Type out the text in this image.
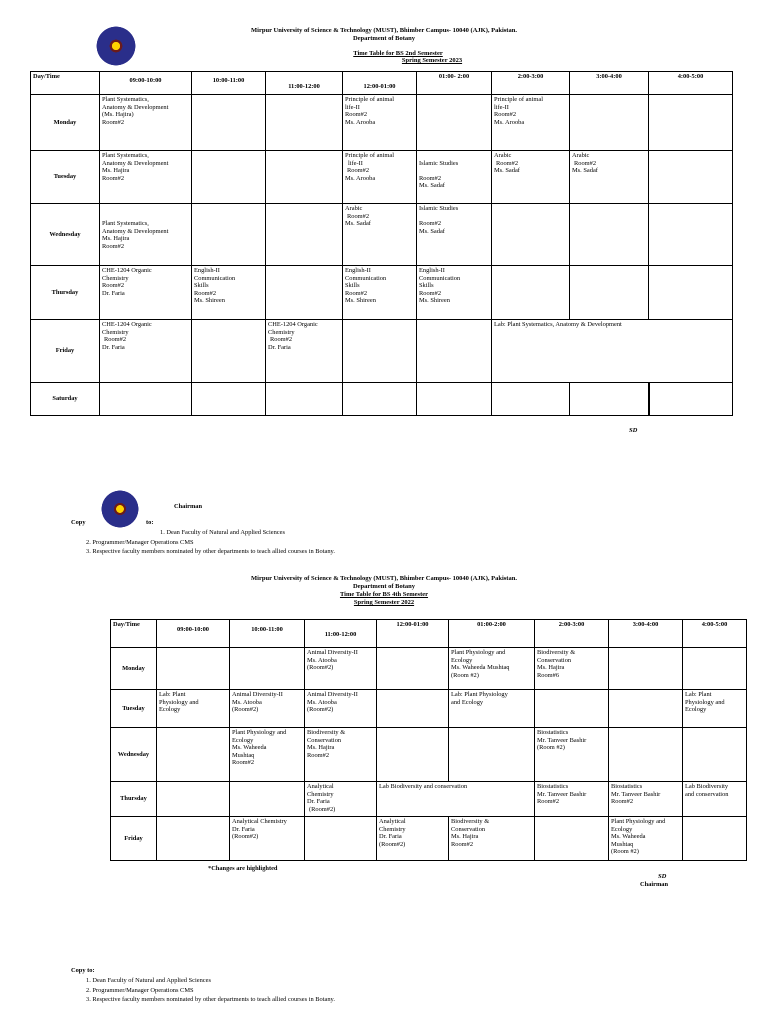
Mirpur University of Science & Technology (MUST), Bhimber Campus- 10040 (AJK), Pakistan.
Department of Botany
Time Table for BS 2nd Semester
Spring Semester 2023
Day/Time	09:00-10:00	10:00-11:00	11:00-12:00	12:00-01:00	01:00- 2:00	2:00-3:00	3:00-4:00	4:00-5:00
Monday	Plant Systematics,
Anatomy & Development
(Ms. Hajira)
Room#2			Principle of animal
life-II
Room#2
Ms. Arooba		Principle of animal
life-II
Room#2
Ms. Arooba		

Tuesday	Plant Systematics,
Anatomy & Development
Ms. Hajira
Room#2			Principle of animal
life-II
Room#2
Ms. Arooba	Islamic Studies

Room#2
Ms. Sadaf	Arabic
Room#2
Ms. Sadaf	Arabic
Room#2
Ms. Sadaf	

Wednesday	Plant Systematics,
Anatomy & Development
Ms. Hajira
Room#2			Arabic
Room#2
Ms. Sadaf	Islamic Studies

Room#2
Ms. Sadaf			

Thursday	CHE-1204 Organic
Chemistry
Room#2
Dr. Faria	English-II
Communication
Skills
Room#2
Ms. Shireen		English-II
Communication
Skills
Room#2
Ms. Shireen	English-II
Communication
Skills
Room#2
Ms. Shireen			

Friday	CHE-1204 Organic
Chemistry
Room#2
Dr. Faria		CHE-1204 Organic
Chemistry
Room#2
Dr. Faria			Lab: Plant Systematics, Anatomy & Development		

Saturday								
SD
Chairman
Copy	to:
1. Dean Faculty of Natural and Applied Sciences
2. Programmer/Manager Operations CMS
3. Respective faculty members nominated by other departments to teach allied courses in Botany.
Mirpur University of Science & Technology (MUST), Bhimber Campus- 10040 (AJK), Pakistan.
Department of Botany
Time Table for BS 4th Semester
Spring Semester 2022
Day/Time	09:00-10:00	10:00-11:00	11:00-12:00	12:00-01:00	01:00-2:00	2:00-3:00	3:00-4:00	4:00-5:00
Monday			Animal Diversity-II
Ms. Atooba
(Room#2)		Plant Physiology and
Ecology
Ms. Waheeda Mushtaq
(Room #2)	Biodiversity &
Conservation
Ms. Hajira
Room#6		

Tuesday	Lab: Plant
Physiology and
Ecology	Animal Diversity-II
Ms. Atooba
(Room#2)	Animal Diversity-II
Ms. Atooba
(Room#2)		Lab: Plant Physiology
and Ecology			Lab: Plant
Physiology and
Ecology

Wednesday		Plant Physiology and
Ecology
Ms. Waheeda
Mushtaq
Room#2	Biodiversity &
Conservation
Ms. Hajira
Room#2			Biostatistics
Mr. Tanveer Bashir
(Room #2)		

Thursday			Analytical
Chemistry
Dr. Faria
(Room#2)	Lab Biodiversity and conservation		Biostatistics
Mr. Tanveer Bashir
Room#2	Biostatistics
Mr. Tanveer Bashir
Room#2	Lab Biodiversity
and conservation

Friday		Analytical Chemistry
Dr. Faria
(Room#2)		Analytical
Chemistry
Dr. Faria
(Room#2)	Biodiversity &
Conservation
Ms. Hajira
Room#2		Plant Physiology and
Ecology
Ms. Waheeda
Mushtaq
(Room #2)	

*Changes are highlighted
SD
Chairman
Copy to:
1. Dean Faculty of Natural and Applied Sciences
2. Programmer/Manager Operations CMS
3. Respective faculty members nominated by other departments to teach allied courses in Botany.
